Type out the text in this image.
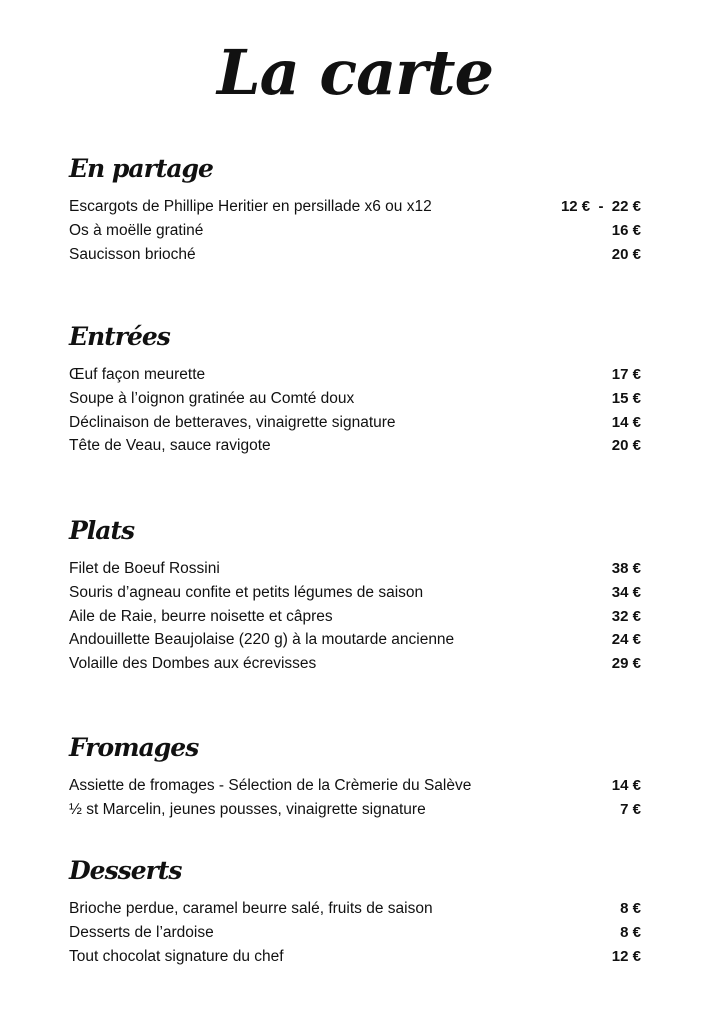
La carte
En partage
Escargots de Phillipe Heritier en persillade x6 ou x12	12 €  -  22 €
Os à moëlle gratiné	16 €
Saucisson brioché	20 €
Entrées
Œuf façon meurette	17 €
Soupe à l’oignon gratinée au Comté doux	15 €
Déclinaison de betteraves, vinaigrette signature	14 €
Tête de Veau, sauce ravigote	20 €
Plats
Filet de Boeuf Rossini	38 €
Souris d’agneau confite et petits légumes de saison	34 €
Aile de Raie, beurre noisette et câpres	32 €
Andouillette Beaujolaise (220 g) à la moutarde ancienne	24 €
Volaille des Dombes aux écrevisses	29 €
Fromages
Assiette de fromages - Sélection de la Crèmerie du Salève	14 €
½ st Marcelin, jeunes pousses, vinaigrette signature	7 €
Desserts
Brioche perdue, caramel beurre salé, fruits de saison	8 €
Desserts de l’ardoise	8 €
Tout chocolat signature du chef	12 €
